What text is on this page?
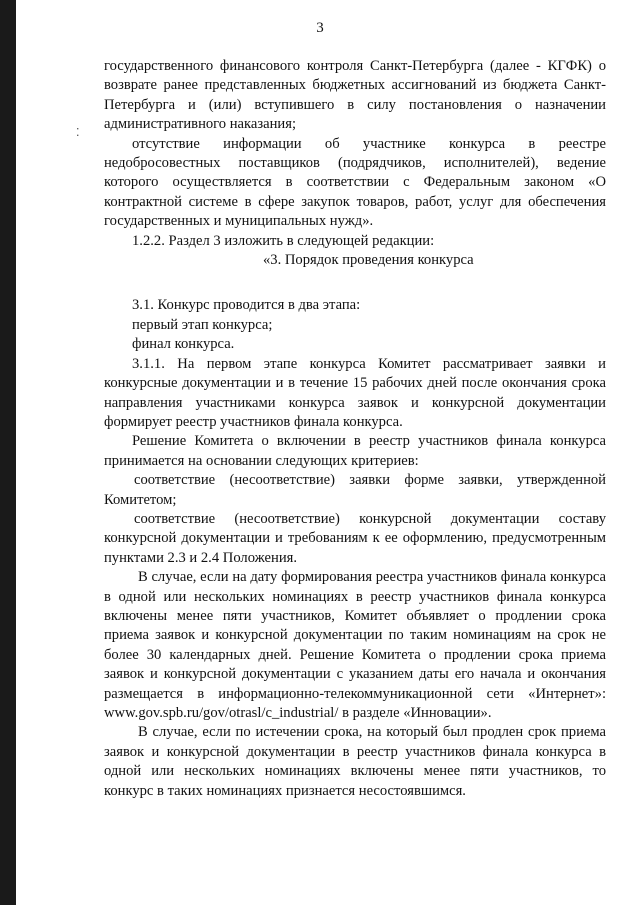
⁚
3

государственного финансового контроля Санкт-Петербурга (далее - КГФК) о возврате ранее представленных бюджетных ассигнований из бюджета Санкт-Петербурга и (или) вступившего в силу постановления о назначении административного наказания;

отсутствие информации об участнике конкурса в реестре недобросовестных поставщиков (подрядчиков, исполнителей), ведение которого осуществляется в соответствии с Федеральным законом «О контрактной системе в сфере закупок товаров, работ, услуг для обеспечения государственных и муниципальных нужд».

1.2.2. Раздел 3 изложить в следующей редакции:

«3. Порядок проведения конкурса

3.1. Конкурс проводится в два этапа:

первый этап конкурса;

финал конкурса.

3.1.1. На первом этапе конкурса Комитет рассматривает заявки и конкурсные документации и в течение 15 рабочих дней после окончания срока направления участниками конкурса заявок и конкурсной документации формирует реестр участников финала конкурса.

Решение Комитета о включении в реестр участников финала конкурса принимается на основании следующих критериев:

соответствие (несоответствие) заявки форме заявки, утвержденной Комитетом;

соответствие (несоответствие) конкурсной документации составу конкурсной документации и требованиям к ее оформлению, предусмотренным пунктами 2.3 и 2.4 Положения.

В случае, если на дату формирования реестра участников финала конкурса в одной или нескольких номинациях в реестр участников финала конкурса включены менее пяти участников, Комитет объявляет о продлении срока приема заявок и конкурсной документации по таким номинациям на срок не более 30 календарных дней. Решение Комитета о продлении срока приема заявок и конкурсной документации с указанием даты его начала и окончания размещается в информационно-телекоммуникационной сети «Интернет»: www.gov.spb.ru/gov/otrasl/c_industrial/ в разделе «Инновации».

В случае, если по истечении срока, на который был продлен срок приема заявок и конкурсной документации в реестр участников финала конкурса в одной или нескольких номинациях включены менее пяти участников, то конкурс в таких номинациях признается несостоявшимся.
